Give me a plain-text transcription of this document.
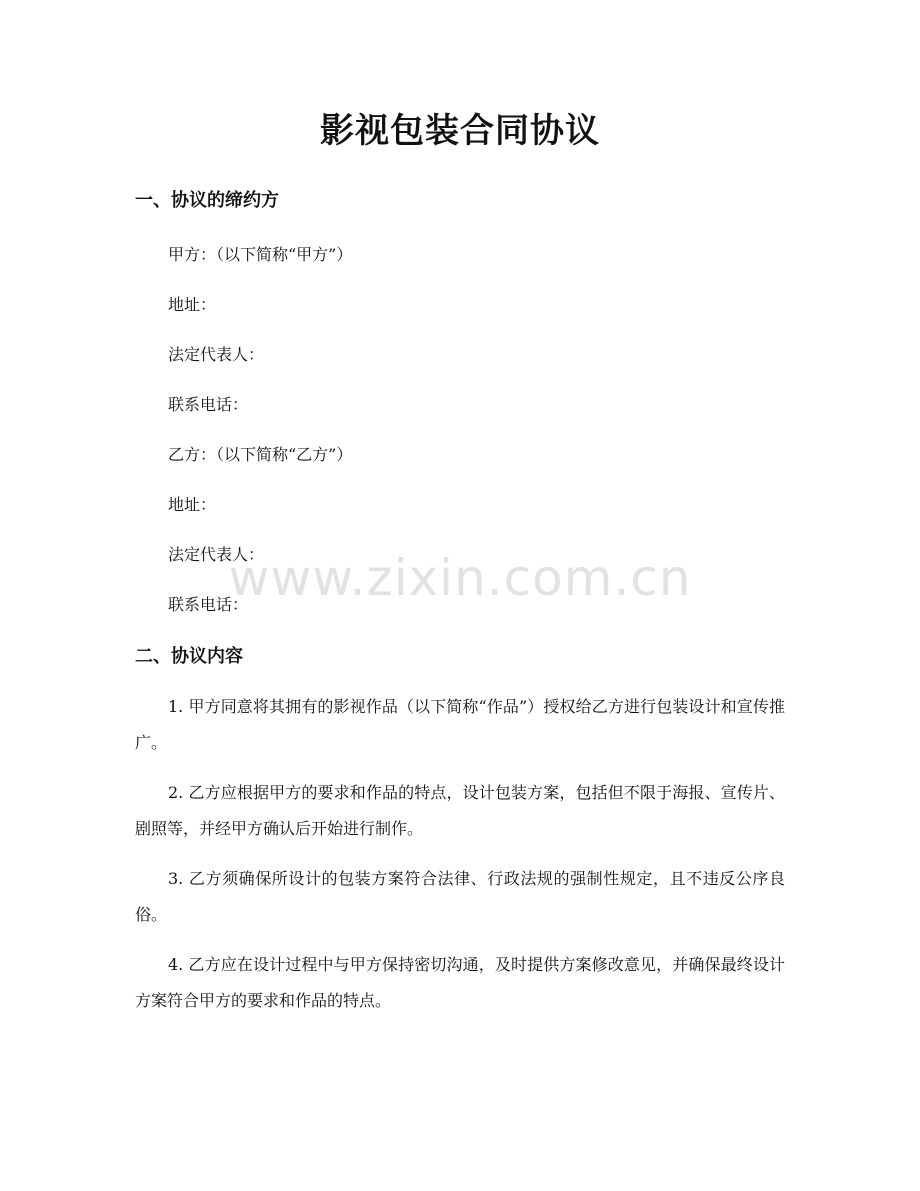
影视包装合同协议
一、协议的缔约方

甲方：（以下简称“甲方”）

地址：

法定代表人：

联系电话：

乙方：（以下简称“乙方”）

地址：

法定代表人：

联系电话：

二、协议内容

1. 甲方同意将其拥有的影视作品（以下简称“作品”）授权给乙方进行包装设计和宣传推广。

2. 乙方应根据甲方的要求和作品的特点，设计包装方案，包括但不限于海报、宣传片、剧照等，并经甲方确认后开始进行制作。

3. 乙方须确保所设计的包装方案符合法律、行政法规的强制性规定，且不违反公序良俗。

4. 乙方应在设计过程中与甲方保持密切沟通，及时提供方案修改意见，并确保最终设计方案符合甲方的要求和作品的特点。

www.zixin.com.cn
